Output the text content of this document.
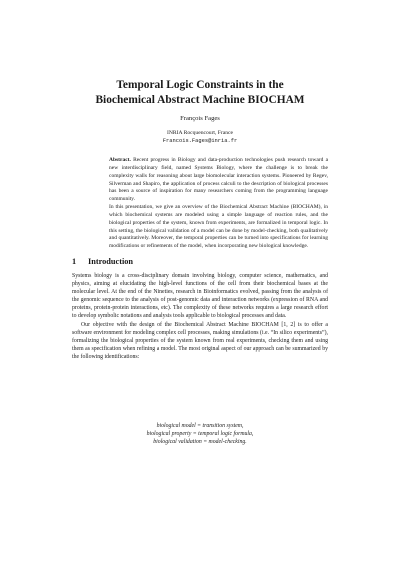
Temporal Logic Constraints in the
Biochemical Abstract Machine BIOCHAM
François Fages
INRIA Rocquencourt, France
Francois.Fages@inria.fr

Abstract. Recent progress in Biology and data-production technologies push research toward a new interdisciplinary field, named Systems Biology, where the challenge is to break the complexity walls for reasoning about large biomolecular interaction systems. Pioneered by Regev, Silverman and Shapiro, the application of process calculi to the description of biological processes has been a source of inspiration for many researchers coming from the programming language community.

In this presentation, we give an overview of the Biochemical Abstract Machine (BIOCHAM), in which biochemical systems are modeled using a simple language of reaction rules, and the biological properties of the system, known from experiments, are formalized in temporal logic. In this setting, the biological validation of a model can be done by model-checking, both qualitatively and quantitatively. Moreover, the temporal properties can be turned into specifications for learning modifications or refinements of the model, when incorporating new biological knowledge.

1 Introduction

Systems biology is a cross-disciplinary domain involving biology, computer science, mathematics, and physics, aiming at elucidating the high-level functions of the cell from their biochemical bases at the molecular level. At the end of the Nineties, research in Bioinformatics evolved, passing from the analysis of the genomic sequence to the analysis of post-genomic data and interaction networks (expression of RNA and proteins, protein-protein interactions, etc). The complexity of these networks requires a large research effort to develop symbolic notations and analysis tools applicable to biological processes and data.

Our objective with the design of the Biochemical Abstract Machine BIOCHAM [1, 2] is to offer a software environment for modeling complex cell processes, making simulations (i.e. “In silico experiments”), formalizing the biological properties of the system known from real experiments, checking them and using them as specification when refining a model. The most original aspect of our approach can be summarized by the following identifications:

biological model = transition system,
biological property = temporal logic formula,
biological validation = model-checking.
